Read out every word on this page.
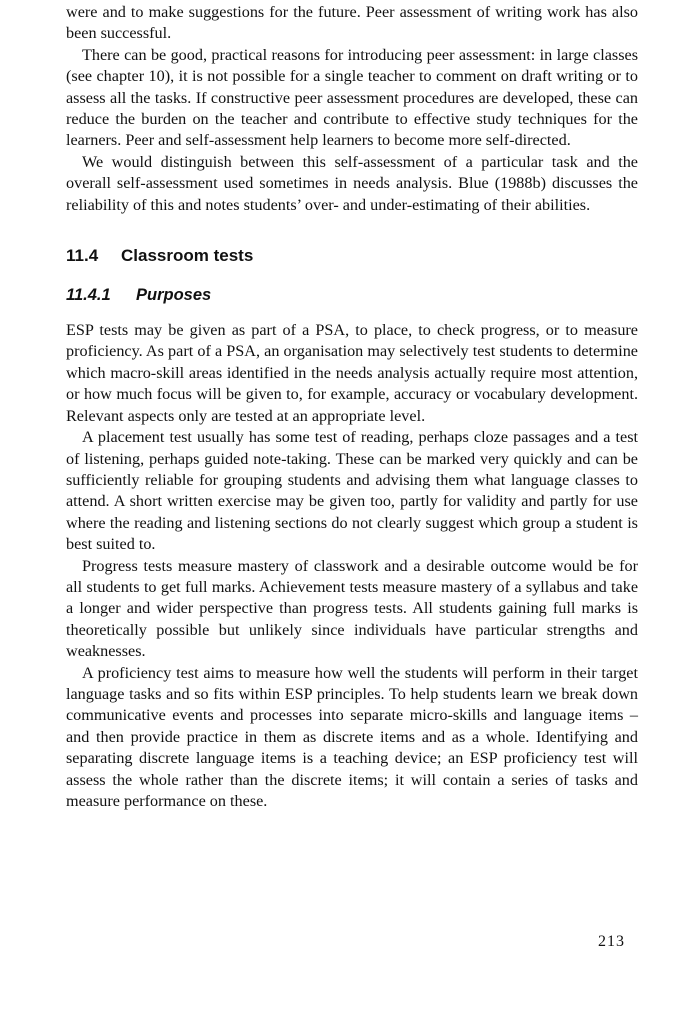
were and to make suggestions for the future. Peer assessment of writing work has also been successful.

There can be good, practical reasons for introducing peer assessment: in large classes (see chapter 10), it is not possible for a single teacher to comment on draft writing or to assess all the tasks. If constructive peer assessment procedures are developed, these can reduce the burden on the teacher and contribute to effective study techniques for the learners. Peer and self-assessment help learners to become more self-directed.

We would distinguish between this self-assessment of a particular task and the overall self-assessment used sometimes in needs analysis. Blue (1988b) discusses the reliability of this and notes students’ over- and under-estimating of their abilities.

11.4 Classroom tests
11.4.1 Purposes

ESP tests may be given as part of a PSA, to place, to check progress, or to measure proficiency. As part of a PSA, an organisation may selectively test students to determine which macro-skill areas identified in the needs analysis actually require most attention, or how much focus will be given to, for example, accuracy or vocabulary development. Relevant aspects only are tested at an appropriate level.

A placement test usually has some test of reading, perhaps cloze passages and a test of listening, perhaps guided note-taking. These can be marked very quickly and can be sufficiently reliable for grouping students and advising them what language classes to attend. A short written exercise may be given too, partly for validity and partly for use where the reading and listening sections do not clearly suggest which group a student is best suited to.

Progress tests measure mastery of classwork and a desirable outcome would be for all students to get full marks. Achievement tests measure mastery of a syllabus and take a longer and wider perspective than progress tests. All students gaining full marks is theoretically possible but unlikely since individuals have particular strengths and weaknesses.

A proficiency test aims to measure how well the students will perform in their target language tasks and so fits within ESP principles. To help students learn we break down communicative events and processes into separate micro-skills and language items – and then provide practice in them as discrete items and as a whole. Identifying and separating discrete language items is a teaching device; an ESP proficiency test will assess the whole rather than the discrete items; it will contain a series of tasks and measure performance on these.

213
